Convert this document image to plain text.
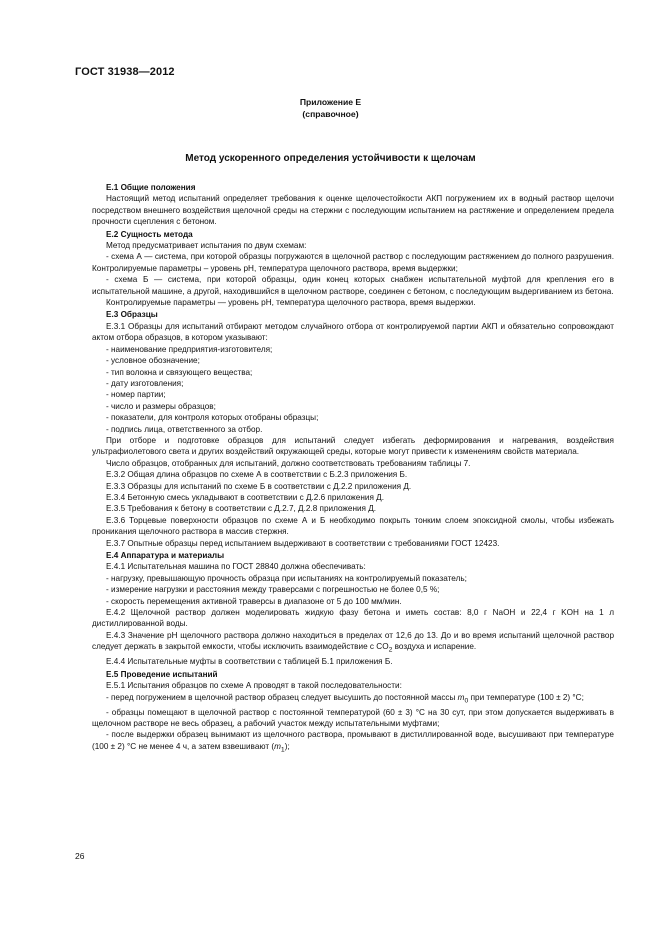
ГОСТ 31938—2012
Приложение Е
(справочное)
Метод ускоренного определения устойчивости к щелочам

Е.1 Общие положения

Настоящий метод испытаний определяет требования к оценке щелочестойкости АКП погружением их в водный раствор щелочи посредством внешнего воздействия щелочной среды на стержни с последующим испытанием на растяжение и определением предела прочности сцепления с бетоном.

Е.2 Сущность метода

Метод предусматривает испытания по двум схемам:

- схема А — система, при которой образцы погружаются в щелочной раствор с последующим растяжением до полного разрушения. Контролируемые параметры – уровень рН, температура щелочного раствора, время выдержки;

- схема Б — система, при которой образцы, один конец которых снабжен испытательной муфтой для крепления его в испытательной машине, а другой, находившийся в щелочном растворе, соединен с бетоном, с последующим выдергиванием из бетона.

Контролируемые параметры — уровень рН, температура щелочного раствора, время выдержки.

Е.3 Образцы

Е.3.1 Образцы для испытаний отбирают методом случайного отбора от контролируемой партии АКП и обязательно сопровождают актом отбора образцов, в котором указывают:

- наименование предприятия-изготовителя;

- условное обозначение;

- тип волокна и связующего вещества;

- дату изготовления;

- номер партии;

- число и размеры образцов;

- показатели, для контроля которых отобраны образцы;

- подпись лица, ответственного за отбор.

При отборе и подготовке образцов для испытаний следует избегать деформирования и нагревания, воздействия ультрафиолетового света и других воздействий окружающей среды, которые могут привести к изменениям свойств материала.

Число образцов, отобранных для испытаний, должно соответствовать требованиям таблицы 7.

Е.3.2 Общая длина образцов по схеме А в соответствии с Б.2.3 приложения Б.

Е.3.3 Образцы для испытаний по схеме Б в соответствии с Д.2.2 приложения Д.

Е.3.4 Бетонную смесь укладывают в соответствии с Д.2.6 приложения Д.

Е.3.5 Требования к бетону в соответствии с Д.2.7, Д.2.8 приложения Д.

Е.3.6 Торцевые поверхности образцов по схеме А и Б необходимо покрыть тонким слоем эпоксидной смолы, чтобы избежать проникания щелочного раствора в массив стержня.

Е.3.7 Опытные образцы перед испытанием выдерживают в соответствии с требованиями ГОСТ 12423.

Е.4 Аппаратура и материалы

Е.4.1 Испытательная машина по ГОСТ 28840 должна обеспечивать:

- нагрузку, превышающую прочность образца при испытаниях на контролируемый показатель;

- измерение нагрузки и расстояния между траверсами с погрешностью не более 0,5 %;

- скорость перемещения активной траверсы в диапазоне от 5 до 100 мм/мин.

Е.4.2 Щелочной раствор должен моделировать жидкую фазу бетона и иметь состав: 8,0 г NaOH и 22,4 г KOH на 1 л дистиллированной воды.

Е.4.3 Значение рН щелочного раствора должно находиться в пределах от 12,6 до 13. До и во время испытаний щелочной раствор следует держать в закрытой емкости, чтобы исключить взаимодействие с $CO_2$ воздуха и испарение.

Е.4.4 Испытательные муфты в соответствии с таблицей Б.1 приложения Б.

Е.5 Проведение испытаний

Е.5.1 Испытания образцов по схеме А проводят в такой последовательности:

- перед погружением в щелочной раствор образец следует высушить до постоянной массы $m_0$ при температуре (100 ± 2) °С;

- образцы помещают в щелочной раствор с постоянной температурой (60 ± 3) °С на 30 сут, при этом допускается выдерживать в щелочном растворе не весь образец, а рабочий участок между испытательными муфтами;

- после выдержки образец вынимают из щелочного раствора, промывают в дистиллированной воде, высушивают при температуре (100 ± 2) °С не менее 4 ч, а затем взвешивают $(m_1)$;

26
